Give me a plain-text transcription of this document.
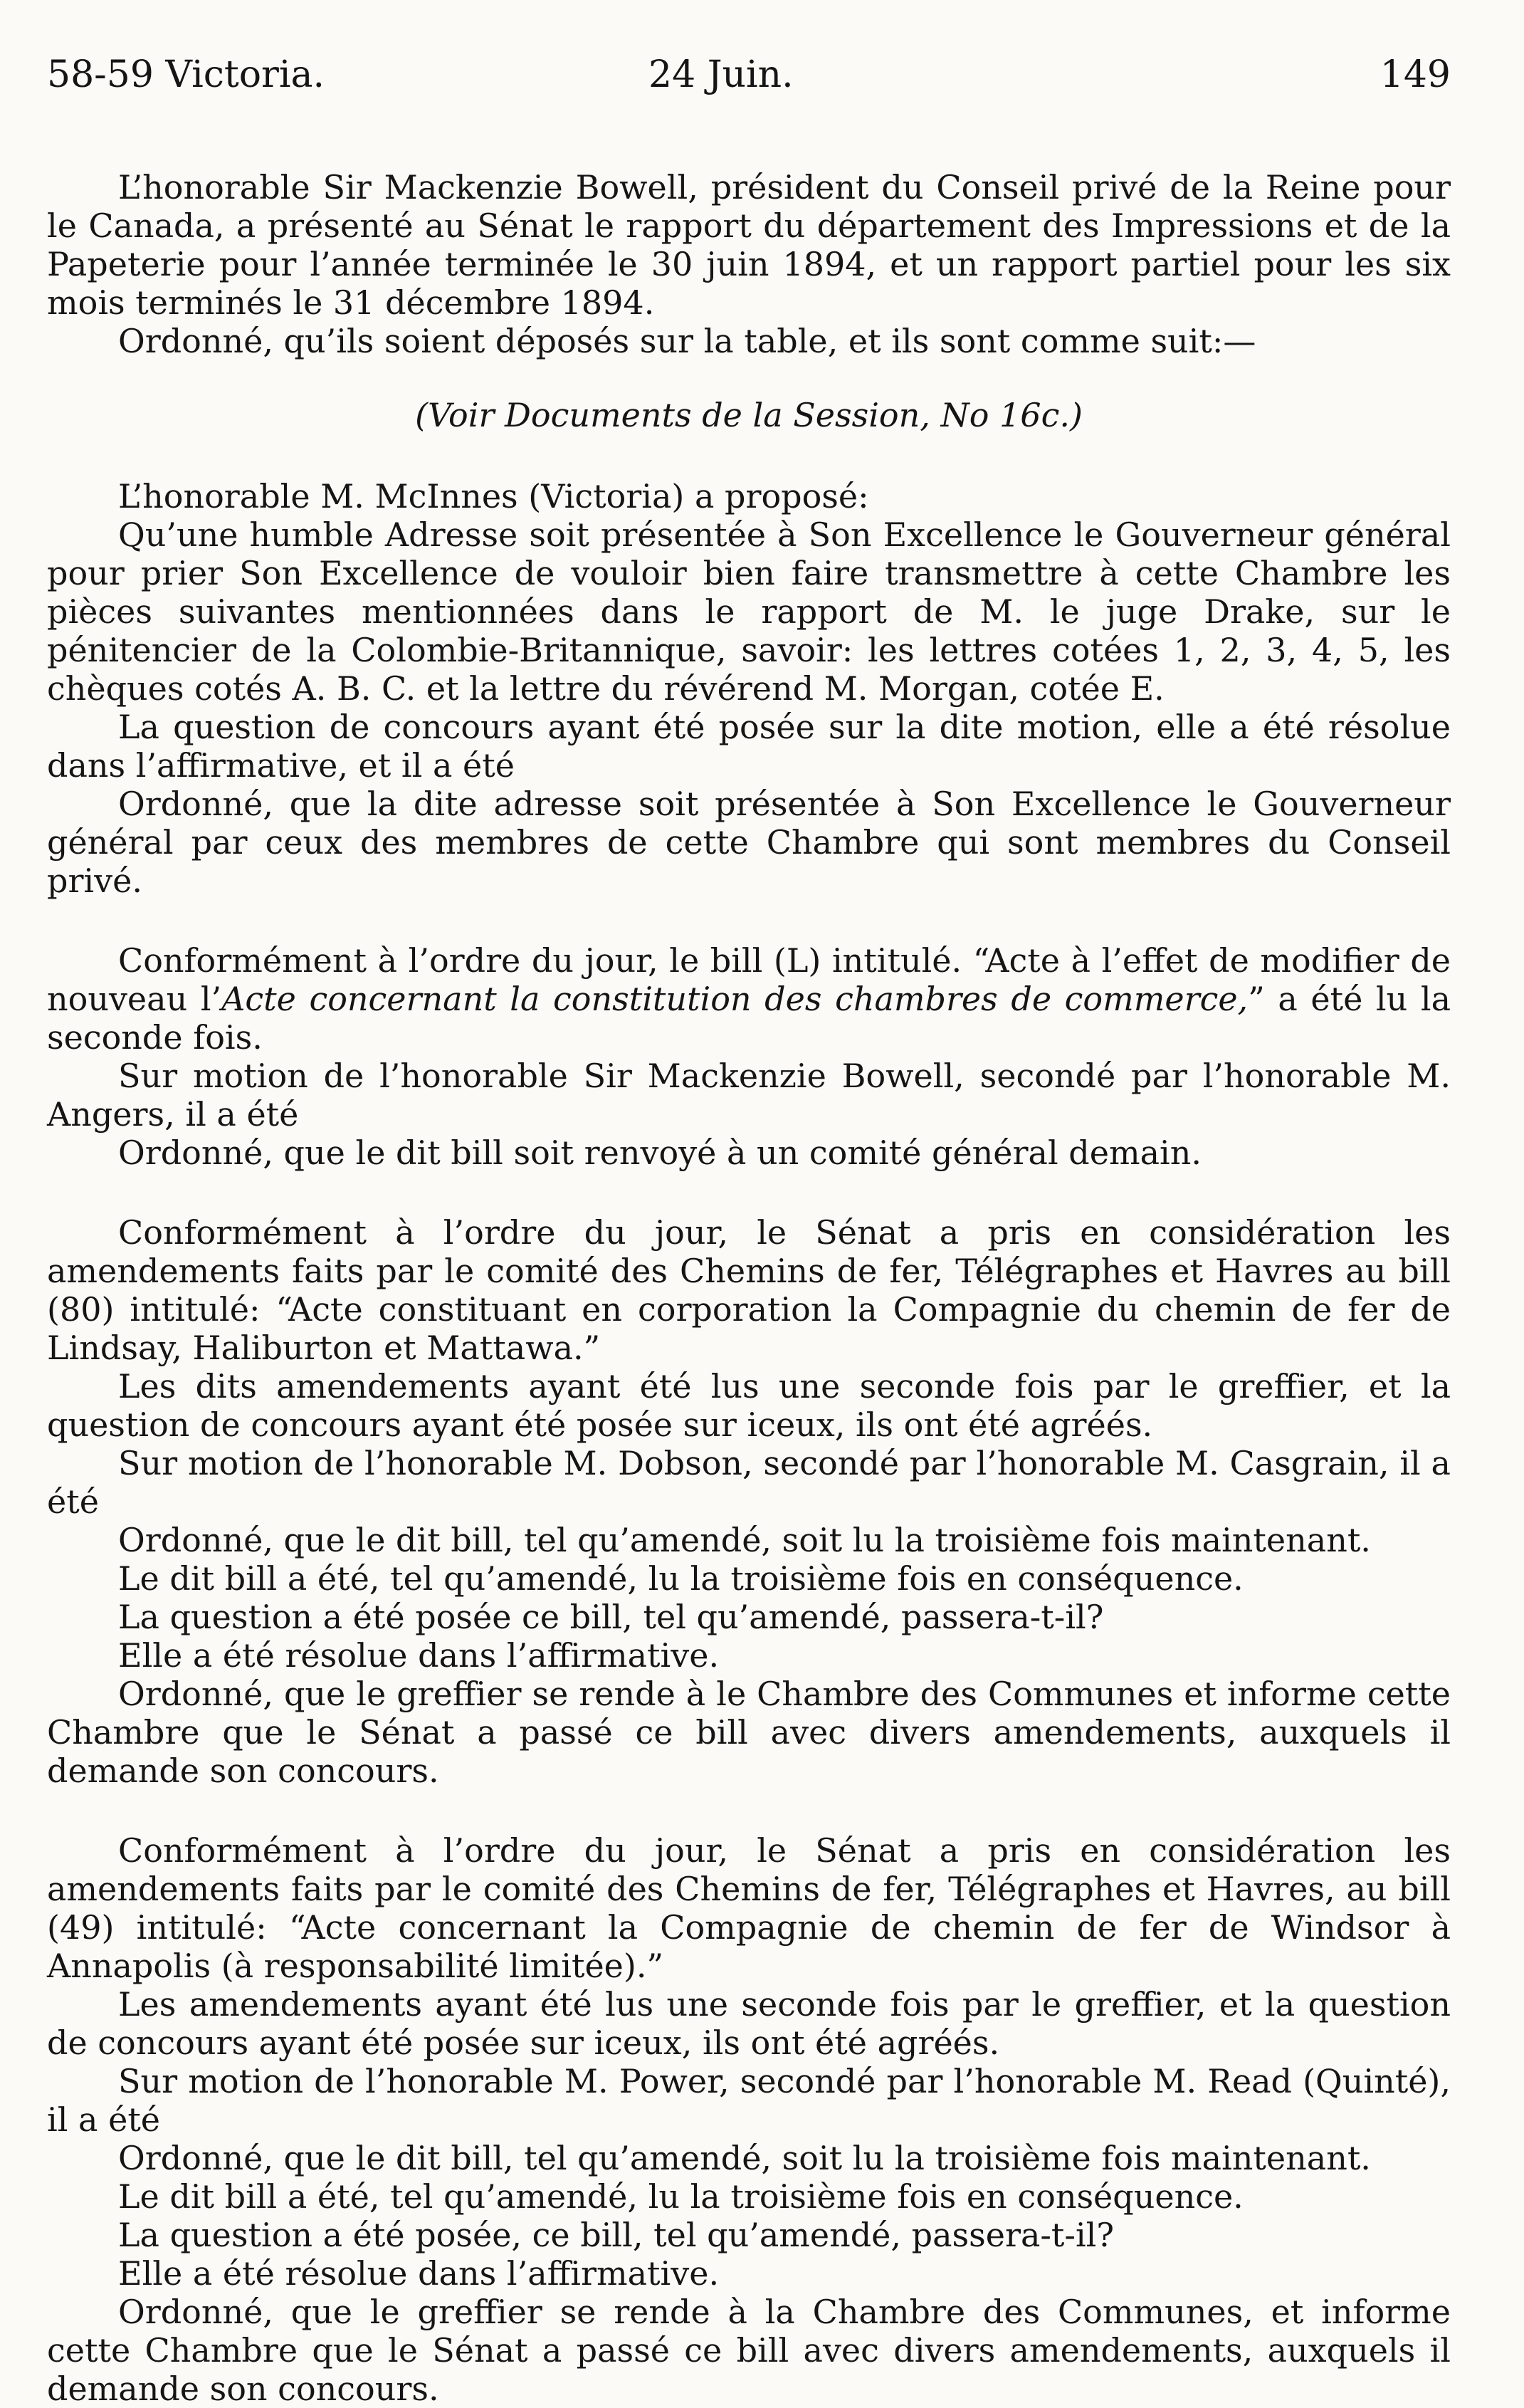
58-59 Victoria.	24 Juin.	149

L’honorable Sir Mackenzie Bowell, président du Conseil privé de la Reine pour le Canada, a présenté au Sénat le rapport du département des Impressions et de la Papeterie pour l’année terminée le 30 juin 1894, et un rapport partiel pour les six mois terminés le 31 décembre 1894.

Ordonné, qu’ils soient déposés sur la table, et ils sont comme suit:—

(Voir Documents de la Session, No 16c.)

L’honorable M. McInnes (Victoria) a proposé:

Qu’une humble Adresse soit présentée à Son Excellence le Gouverneur général pour prier Son Excellence de vouloir bien faire transmettre à cette Chambre les pièces suivantes mentionnées dans le rapport de M. le juge Drake, sur le pénitencier de la Colombie-Britannique, savoir: les lettres cotées 1, 2, 3, 4, 5, les chèques cotés A. B. C. et la lettre du révérend M. Morgan, cotée E.

La question de concours ayant été posée sur la dite motion, elle a été résolue dans l’affirmative, et il a été

Ordonné, que la dite adresse soit présentée à Son Excellence le Gouverneur général par ceux des membres de cette Chambre qui sont membres du Conseil privé.

Conformément à l’ordre du jour, le bill (L) intitulé. “Acte à l’effet de modifier de nouveau l’Acte concernant la constitution des chambres de commerce,” a été lu la seconde fois.

Sur motion de l’honorable Sir Mackenzie Bowell, secondé par l’honorable M. Angers, il a été

Ordonné, que le dit bill soit renvoyé à un comité général demain.

Conformément à l’ordre du jour, le Sénat a pris en considération les amendements faits par le comité des Chemins de fer, Télégraphes et Havres au bill (80) intitulé: “Acte constituant en corporation la Compagnie du chemin de fer de Lindsay, Haliburton et Mattawa.”

Les dits amendements ayant été lus une seconde fois par le greffier, et la question de concours ayant été posée sur iceux, ils ont été agréés.

Sur motion de l’honorable M. Dobson, secondé par l’honorable M. Casgrain, il a été

Ordonné, que le dit bill, tel qu’amendé, soit lu la troisième fois maintenant.

Le dit bill a été, tel qu’amendé, lu la troisième fois en conséquence.

La question a été posée ce bill, tel qu’amendé, passera-t-il?

Elle a été résolue dans l’affirmative.

Ordonné, que le greffier se rende à le Chambre des Communes et informe cette Chambre que le Sénat a passé ce bill avec divers amendements, auxquels il demande son concours.

Conformément à l’ordre du jour, le Sénat a pris en considération les amendements faits par le comité des Chemins de fer, Télégraphes et Havres, au bill (49) intitulé: “Acte concernant la Compagnie de chemin de fer de Windsor à Annapolis (à responsabilité limitée).”

Les amendements ayant été lus une seconde fois par le greffier, et la question de concours ayant été posée sur iceux, ils ont été agréés.

Sur motion de l’honorable M. Power, secondé par l’honorable M. Read (Quinté), il a été

Ordonné, que le dit bill, tel qu’amendé, soit lu la troisième fois maintenant.

Le dit bill a été, tel qu’amendé, lu la troisième fois en conséquence.

La question a été posée, ce bill, tel qu’amendé, passera-t-il?

Elle a été résolue dans l’affirmative.

Ordonné, que le greffier se rende à la Chambre des Communes, et informe cette Chambre que le Sénat a passé ce bill avec divers amendements, auxquels il demande son concours.
